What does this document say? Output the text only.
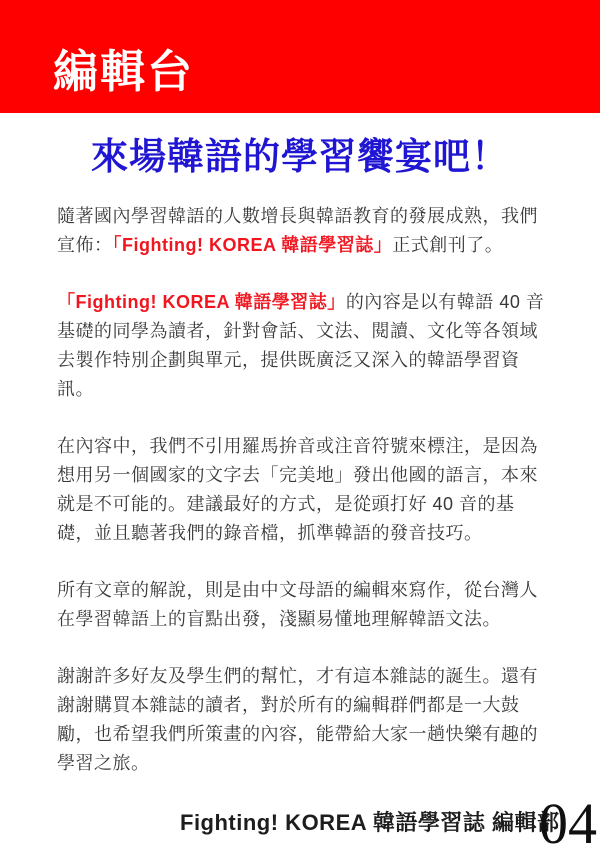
編輯台
來場韓語的學習饗宴吧！

隨著國內學習韓語的人數增長與韓語教育的發展成熟，我們宣佈：「Fighting! KOREA 韓語學習誌」正式創刊了。

「Fighting! KOREA 韓語學習誌」的內容是以有韓語 40 音基礎的同學為讀者，針對會話、文法、閱讀、文化等各領域去製作特別企劃與單元，提供既廣泛又深入的韓語學習資訊。

在內容中，我們不引用羅馬拚音或注音符號來標注，是因為想用另一個國家的文字去「完美地」發出他國的語言，本來就是不可能的。建議最好的方式，是從頭打好 40 音的基礎，並且聽著我們的錄音檔，抓準韓語的發音技巧。

所有文章的解說，則是由中文母語的編輯來寫作，從台灣人在學習韓語上的盲點出發，淺顯易懂地理解韓語文法。

謝謝許多好友及學生們的幫忙，才有這本雜誌的誕生。還有謝謝購買本雜誌的讀者，對於所有的編輯群們都是一大鼓勵，也希望我們所策畫的內容，能帶給大家一趟快樂有趣的學習之旅。

Fighting! KOREA 韓語學習誌 編輯部
04
